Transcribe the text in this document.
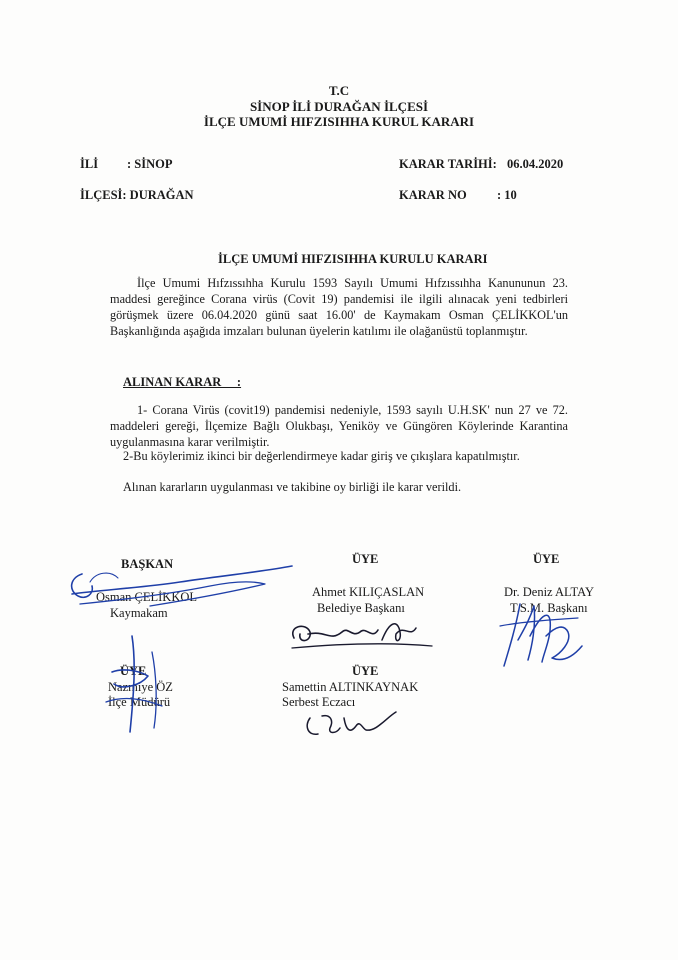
T.C
SİNOP İLİ DURAĞAN İLÇESİ
İLÇE UMUMİ HIFZISIHHA KURUL KARARI
İLİ : SİNOP
İLÇESİ: DURAĞAN
KARAR TARİHİ: 06.04.2020
KARAR NO : 10
İLÇE UMUMİ HIFZISIHHA KURULU KARARI
İlçe Umumi Hıfzıssıhha Kurulu 1593 Sayılı Umumi Hıfzıssıhha Kanununun 23. maddesi gereğince Corana virüs (Covit 19) pandemisi ile ilgili alınacak yeni tedbirleri görüşmek üzere 06.04.2020 günü saat 16.00' de Kaymakam Osman ÇELİKKOL'un Başkanlığında aşağıda imzaları bulunan üyelerin katılımı ile olağanüstü toplanmıştır.
ALINAN KARAR     :
1- Corana Virüs (covit19) pandemisi nedeniyle, 1593 sayılı U.H.SK' nun 27 ve 72. maddeleri gereği, İlçemize Bağlı Olukbaşı, Yeniköy ve Güngören Köylerinde Karantina uygulanmasına karar verilmiştir.
2-Bu köylerimiz ikinci bir değerlendirmeye kadar giriş ve çıkışlara kapatılmıştır.
Alınan kararların uygulanması ve takibine oy birliği ile karar verildi.
BAŞKAN
Osman ÇELİKKOL
Kaymakam
ÜYE
Ahmet KILIÇASLAN
Belediye Başkanı
ÜYE
Dr. Deniz ALTAY
T.S.M. Başkanı
ÜYE
Nazmiye ÖZ
İlçe Müdürü
ÜYE
Samettin ALTINKAYNAK
Serbest Eczacı
